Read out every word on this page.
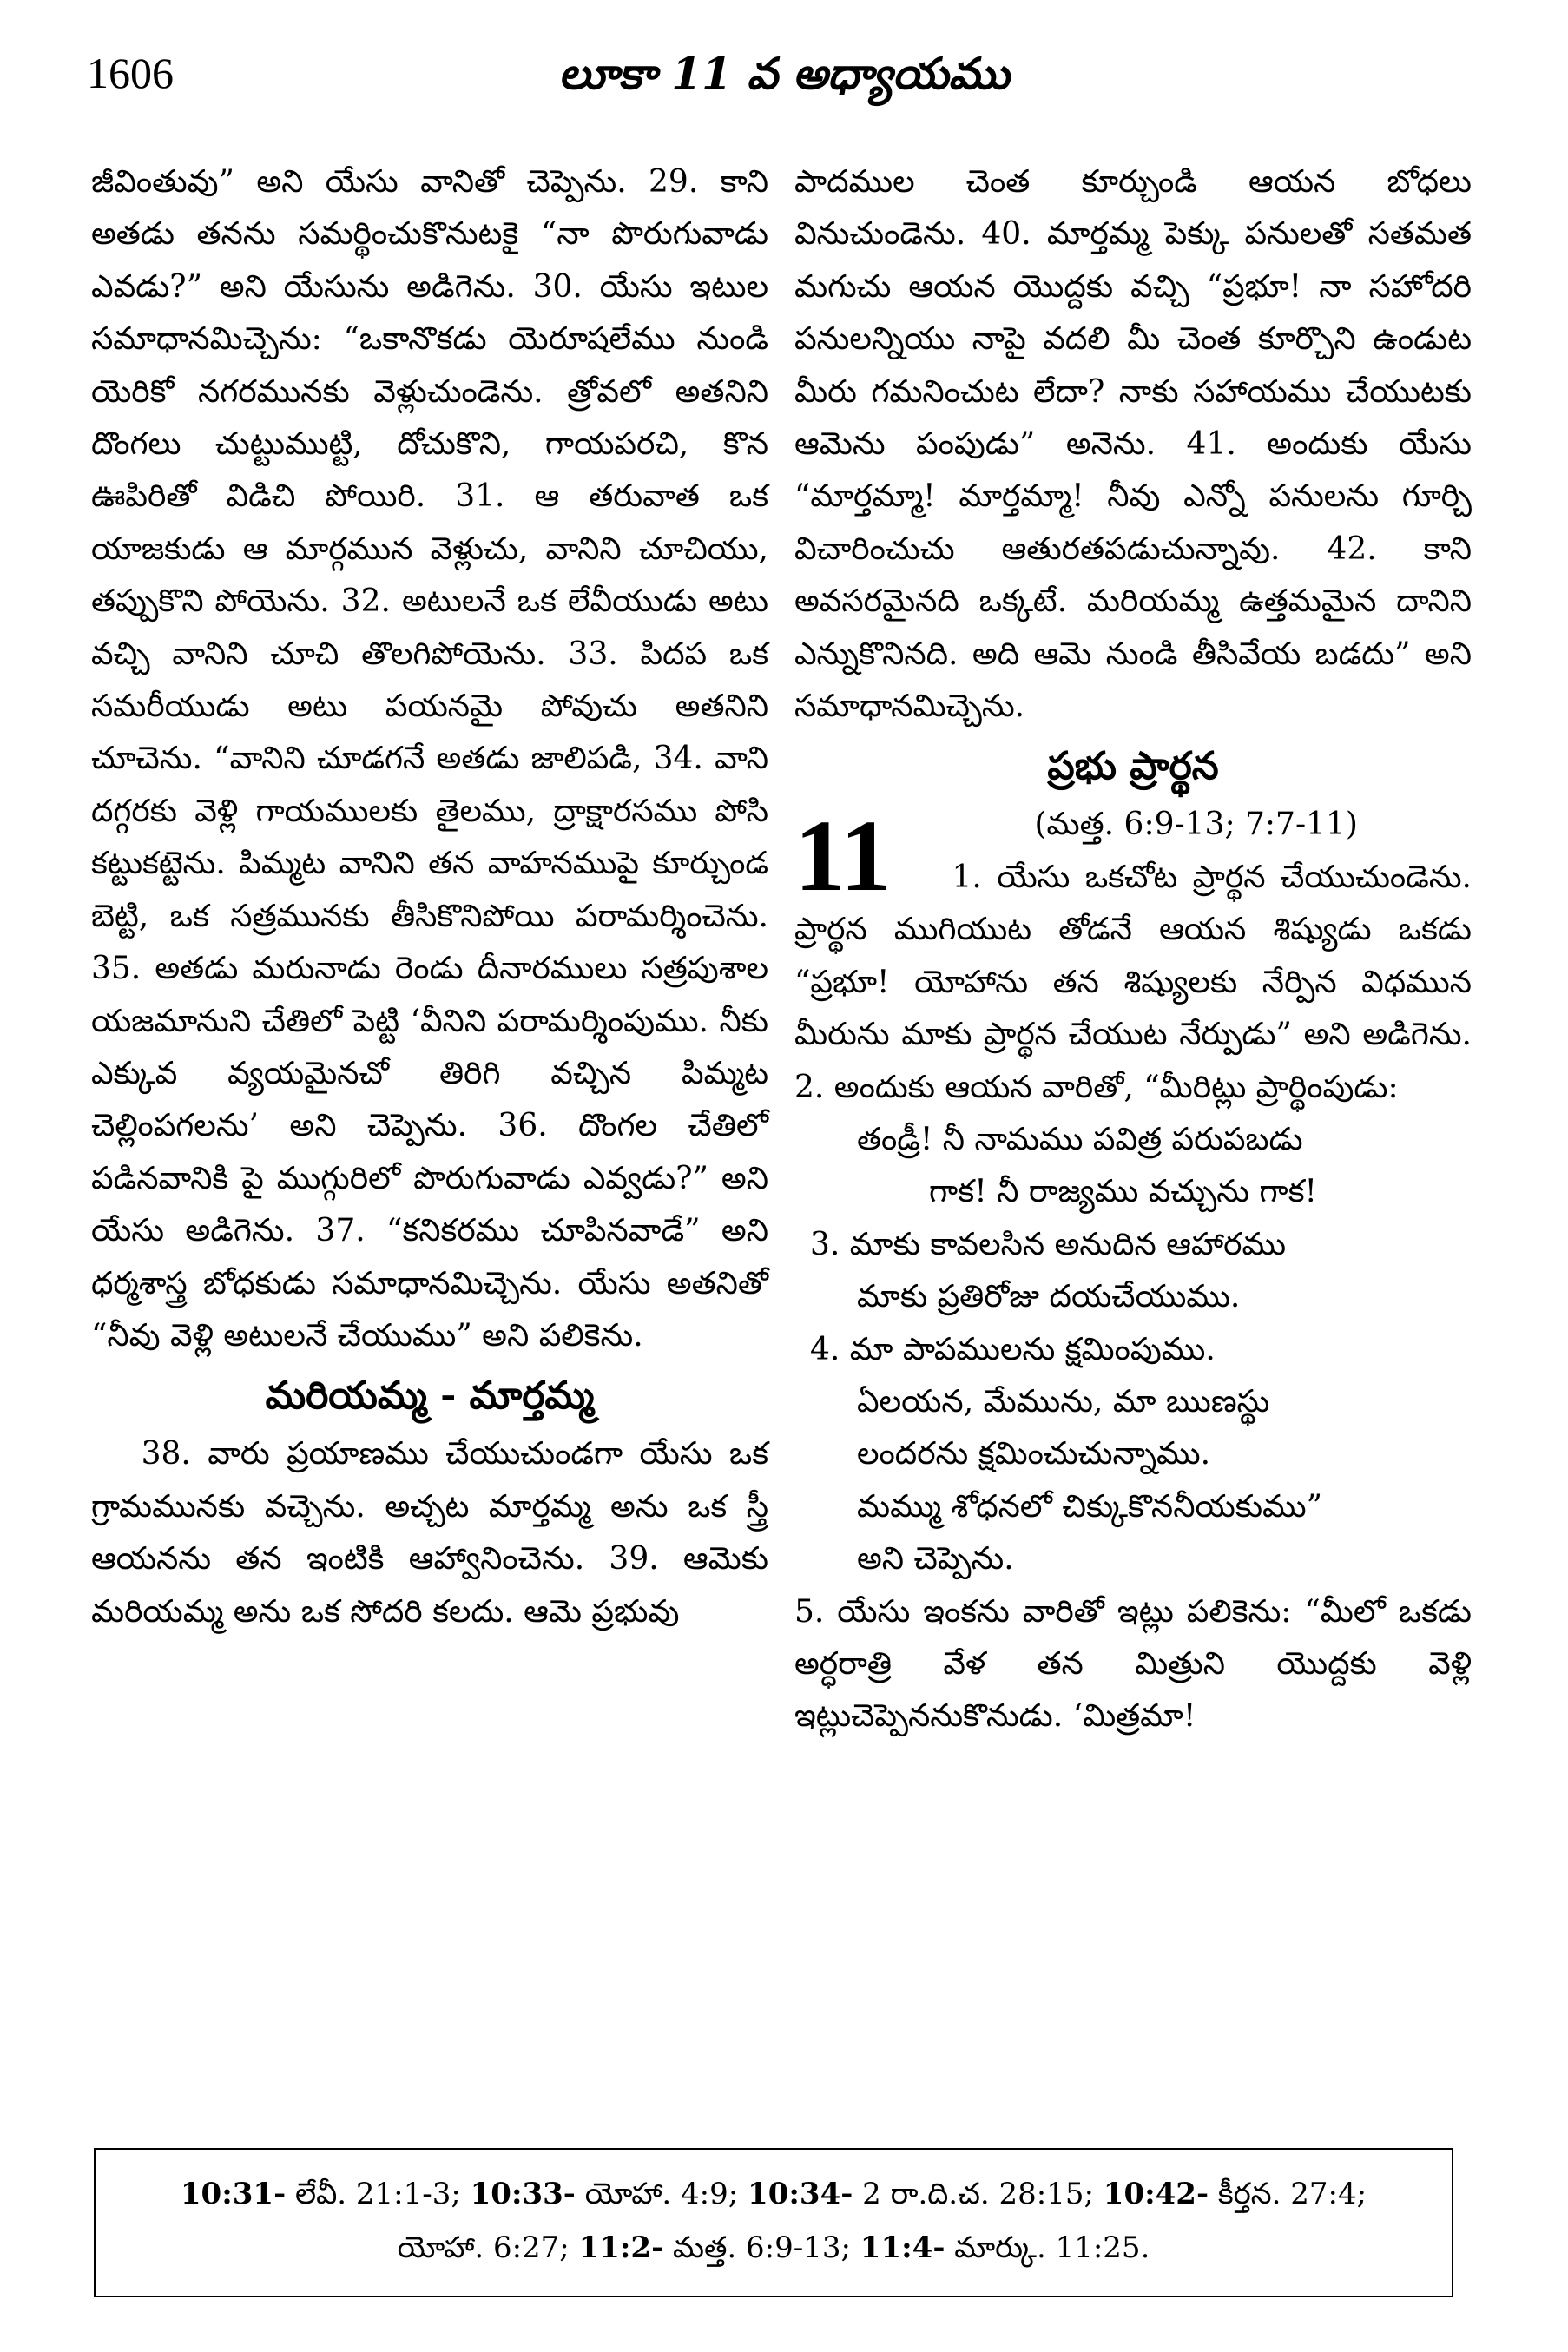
1606	లూకా 11 వ అధ్యాయము

జీవింతువు” అని యేసు వానితో చెప్పెను. 29. కాని అతడు తనను సమర్థించుకొనుటకై “నా పొరుగువాడు ఎవడు?” అని యేసును అడిగెను. 30. యేసు ఇటుల సమాధానమిచ్చెను: “ఒకానొకడు యెరూషలేము నుండి యెరికో నగరమునకు వెళ్లుచుండెను. త్రోవలో అతనిని దొంగలు చుట్టుముట్టి, దోచుకొని, గాయపరచి, కొన ఊపిరితో విడిచి పోయిరి. 31. ఆ తరువాత ఒక యాజకుడు ఆ మార్గమున వెళ్లుచు, వానిని చూచియు, తప్పుకొని పోయెను. 32. అటులనే ఒక లేవీయుడు అటు వచ్చి వానిని చూచి తొలగిపోయెను. 33. పిదప ఒక సమరీయుడు అటు పయనమై పోవుచు అతనిని చూచెను. “వానిని చూడగనే అతడు జాలిపడి, 34. వాని దగ్గరకు వెళ్లి గాయములకు తైలము, ద్రాక్షారసము పోసి కట్టుకట్టెను. పిమ్మట వానిని తన వాహనముపై కూర్చుండ బెట్టి, ఒక సత్రమునకు తీసికొనిపోయి పరామర్శించెను. 35. అతడు మరునాడు రెండు దీనారములు సత్రపుశాల యజమానుని చేతిలో పెట్టి ‘వీనిని పరామర్శింపుము. నీకు ఎక్కువ వ్యయమైనచో తిరిగి వచ్చిన పిమ్మట చెల్లింపగలను’ అని చెప్పెను. 36. దొంగల చేతిలో పడినవానికి పై ముగ్గురిలో పొరుగువాడు ఎవ్వడు?” అని యేసు అడిగెను. 37. “కనికరము చూపినవాడే” అని ధర్మశాస్త్ర బోధకుడు సమాధానమిచ్చెను. యేసు అతనితో “నీవు వెళ్లి అటులనే చేయుము” అని పలికెను.

మరియమ్మ - మార్తమ్మ

38. వారు ప్రయాణము చేయుచుండగా యేసు ఒక గ్రామమునకు వచ్చెను. అచ్చట మార్తమ్మ అను ఒక స్త్రీ ఆయనను తన ఇంటికి ఆహ్వానించెను. 39. ఆమెకు మరియమ్మ అను ఒక సోదరి కలదు. ఆమె ప్రభువు

పాదముల చెంత కూర్చుండి ఆయన బోధలు వినుచుండెను. 40. మార్తమ్మ పెక్కు పనులతో సతమత మగుచు ఆయన యొద్దకు వచ్చి “ప్రభూ! నా సహోదరి పనులన్నియు నాపై వదలి మీ చెంత కూర్చొని ఉండుట మీరు గమనించుట లేదా? నాకు సహాయము చేయుటకు ఆమెను పంపుడు” అనెను. 41. అందుకు యేసు “మార్తమ్మా! మార్తమ్మా! నీవు ఎన్నో పనులను గూర్చి విచారించుచు ఆతురతపడుచున్నావు. 42. కాని అవసరమైనది ఒక్కటే. మరియమ్మ ఉత్తమమైన దానిని ఎన్నుకొనినది. అది ఆమె నుండి తీసివేయ బడదు” అని సమాధానమిచ్చెను.

ప్రభు ప్రార్థన
11	(మత్త. 6:9-13; 7:7-11)

1. యేసు ఒకచోట ప్రార్థన చేయుచుండెను. ప్రార్థన ముగియుట తోడనే ఆయన శిష్యుడు ఒకడు “ప్రభూ! యోహాను తన శిష్యులకు నేర్పిన విధమున మీరును మాకు ప్రార్థన చేయుట నేర్పుడు” అని అడిగెను. 2. అందుకు ఆయన వారితో, “మీరిట్లు ప్రార్థింపుడు:

తండ్రీ! నీ నామము పవిత్ర పరుపబడు

గాక! నీ రాజ్యము వచ్చును గాక!

3. మాకు కావలసిన అనుదిన ఆహారము

మాకు ప్రతిరోజు దయచేయుము.

4. మా పాపములను క్షమింపుము.

ఏలయన, మేమును, మా ఋణస్థు

లందరను క్షమించుచున్నాము.

మమ్ము శోధనలో చిక్కుకొననీయకుము”

అని చెప్పెను.

5. యేసు ఇంకను వారితో ఇట్లు పలికెను: “మీలో ఒకడు అర్ధరాత్రి వేళ తన మిత్రుని యొద్దకు వెళ్లి ఇట్లుచెప్పెననుకొనుడు. ‘మిత్రమా!

10:31- లేవీ. 21:1-3; 10:33- యోహా. 4:9; 10:34- 2 రా.ది.చ. 28:15; 10:42- కీర్తన. 27:4;
యోహా. 6:27; 11:2- మత్త. 6:9-13; 11:4- మార్కు. 11:25.
